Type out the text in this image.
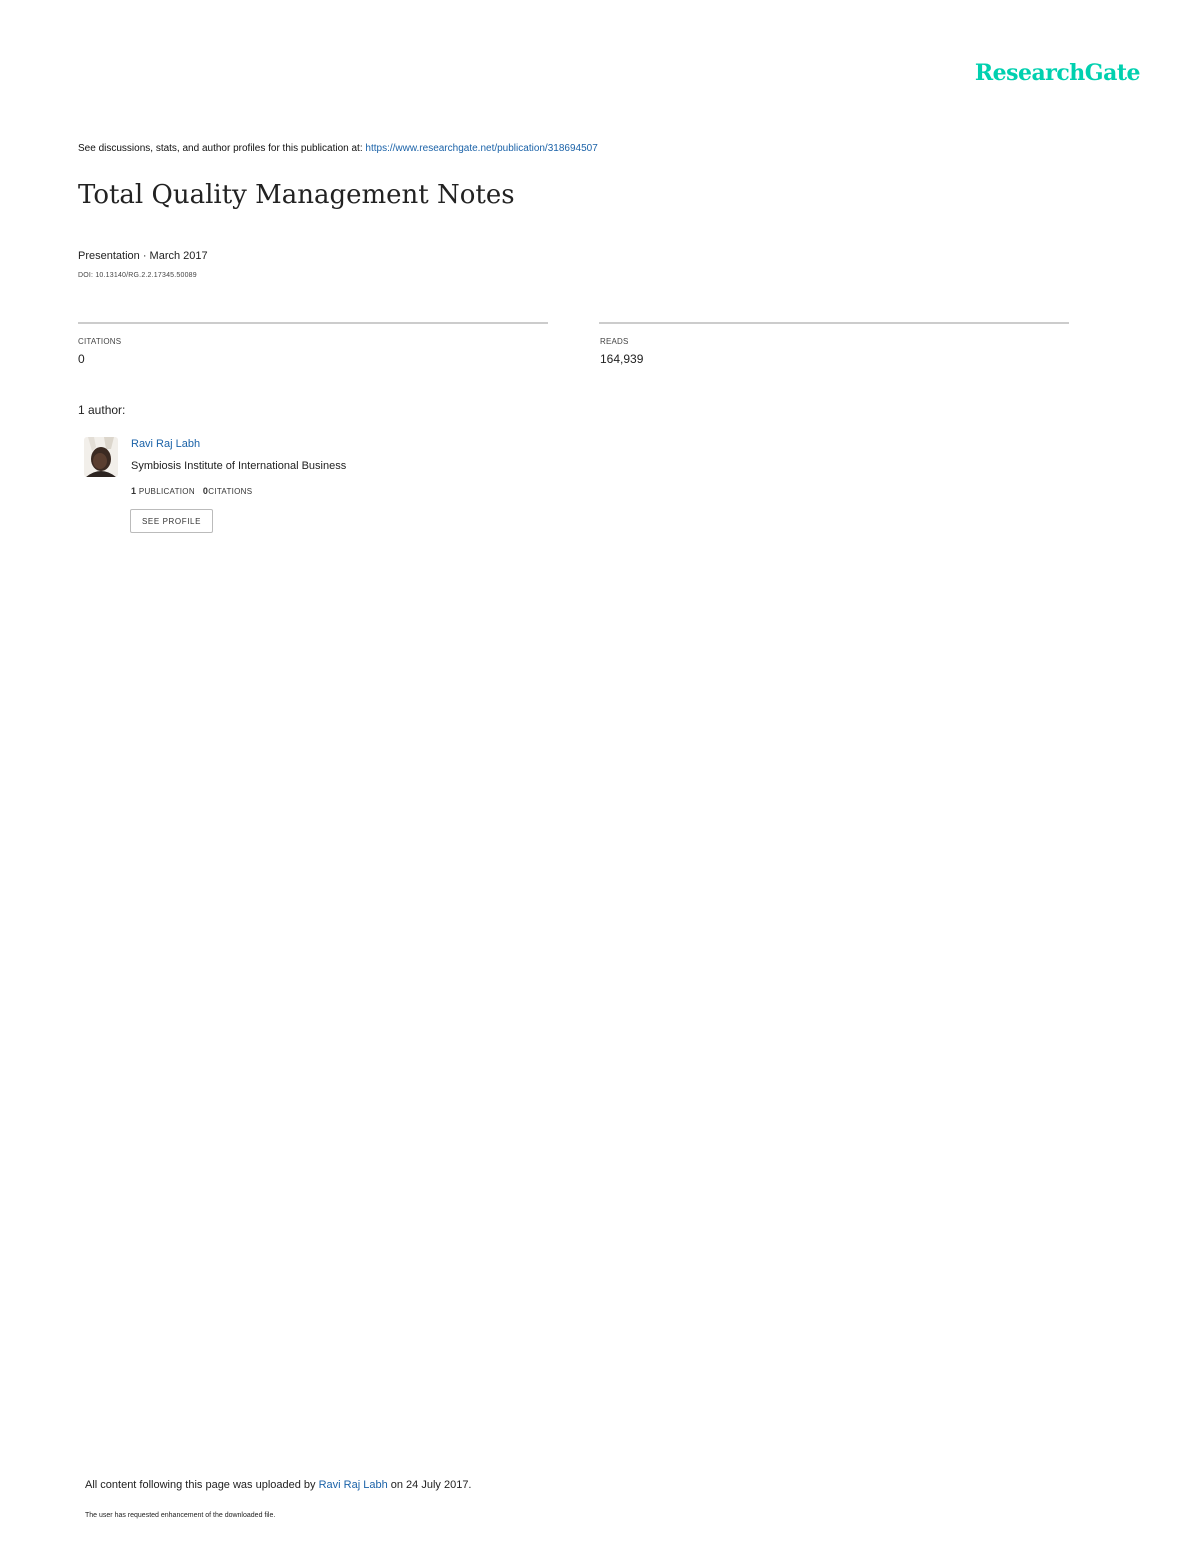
ResearchGate
See discussions, stats, and author profiles for this publication at: https://www.researchgate.net/publication/318694507
Total Quality Management Notes
Presentation · March 2017
DOI: 10.13140/RG.2.2.17345.50089
CITATIONS
0
READS
164,939
1 author:
Ravi Raj Labh
Symbiosis Institute of International Business
1 PUBLICATION 0CITATIONS
SEE PROFILE
All content following this page was uploaded by Ravi Raj Labh on 24 July 2017.
The user has requested enhancement of the downloaded file.
